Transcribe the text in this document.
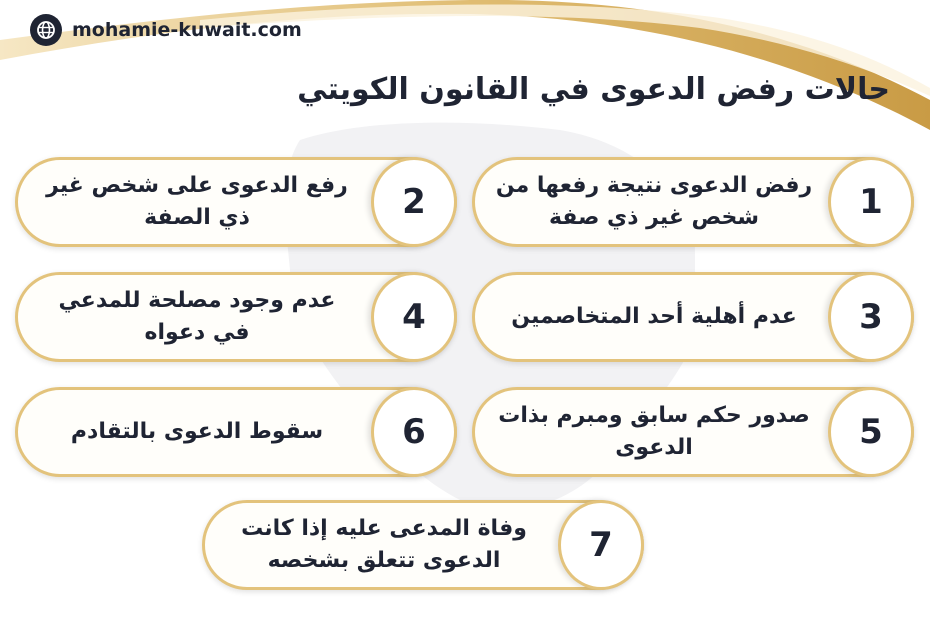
mohamie-kuwait.com
حالات رفض الدعوى في القانون الكويتي
رفض الدعوى نتيجة رفعها من شخص غير ذي صفة	1
رفع الدعوى على شخص غير ذي الصفة	2
عدم أهلية أحد المتخاصمين	3
عدم وجود مصلحة للمدعي في دعواه	4
صدور حكم سابق ومبرم بذات الدعوى	5
سقوط الدعوى بالتقادم	6
وفاة المدعى عليه إذا كانت الدعوى تتعلق بشخصه	7
